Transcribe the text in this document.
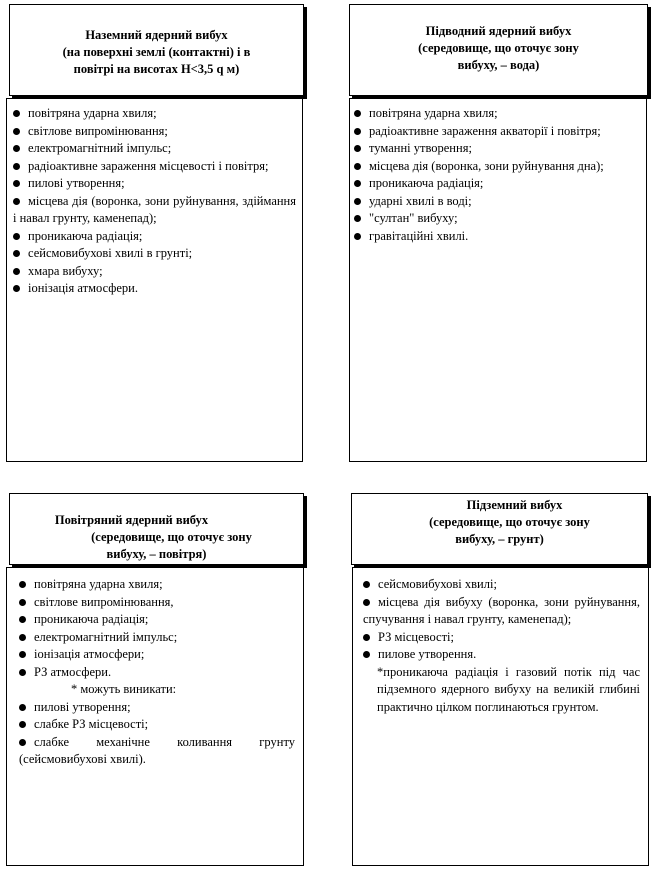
Наземний ядерний вибух
(на поверхні землі (контактні) і в
повітрі на висотах Н<3,5 q м)
повітряна ударна хвиля;
світлове випромінювання;
електромагнітний імпульс;
радіоактивне зараження місцевості і повітря;
пилові утворення;
місцева дія (воронка, зони руйнування, здіймання і навал грунту, каменепад);
проникаюча радіація;
сейсмовибухові хвилі в грунті;
хмара вибуху;
іонізація атмосфери.
Підводний ядерний вибух
(середовище, що оточує зону
вибуху, – вода)
повітряна ударна хвиля;
радіоактивне зараження акваторії і повітря;
туманні утворення;
місцева дія (воронка, зони руйнування дна);
проникаюча радіація;
ударні хвилі в воді;
"султан" вибуху;
гравітаційні хвилі.
Повітряний ядерний вибух
(середовище, що оточує зону
вибуху, – повітря)
повітряна ударна хвиля;
світлове випромінювання,
проникаюча радіація;
електромагнітний імпульс;
іонізація атмосфери;
РЗ атмосфери.
* можуть виникати:
пилові утворення;
слабке РЗ місцевості;
слабке механічне коливання грунту (сейсмовибухові хвилі).
Підземний вибух
(середовище, що оточує зону
вибуху, – грунт)
сейсмовибухові хвилі;
місцева дія вибуху (воронка, зони руйнування, спучування і навал грунту, каменепад);
РЗ місцевості;
пилове утворення.

*проникаюча радіація і газовий потік під час підземного ядерного вибуху на великій глибині практично цілком поглинаються грунтом.
